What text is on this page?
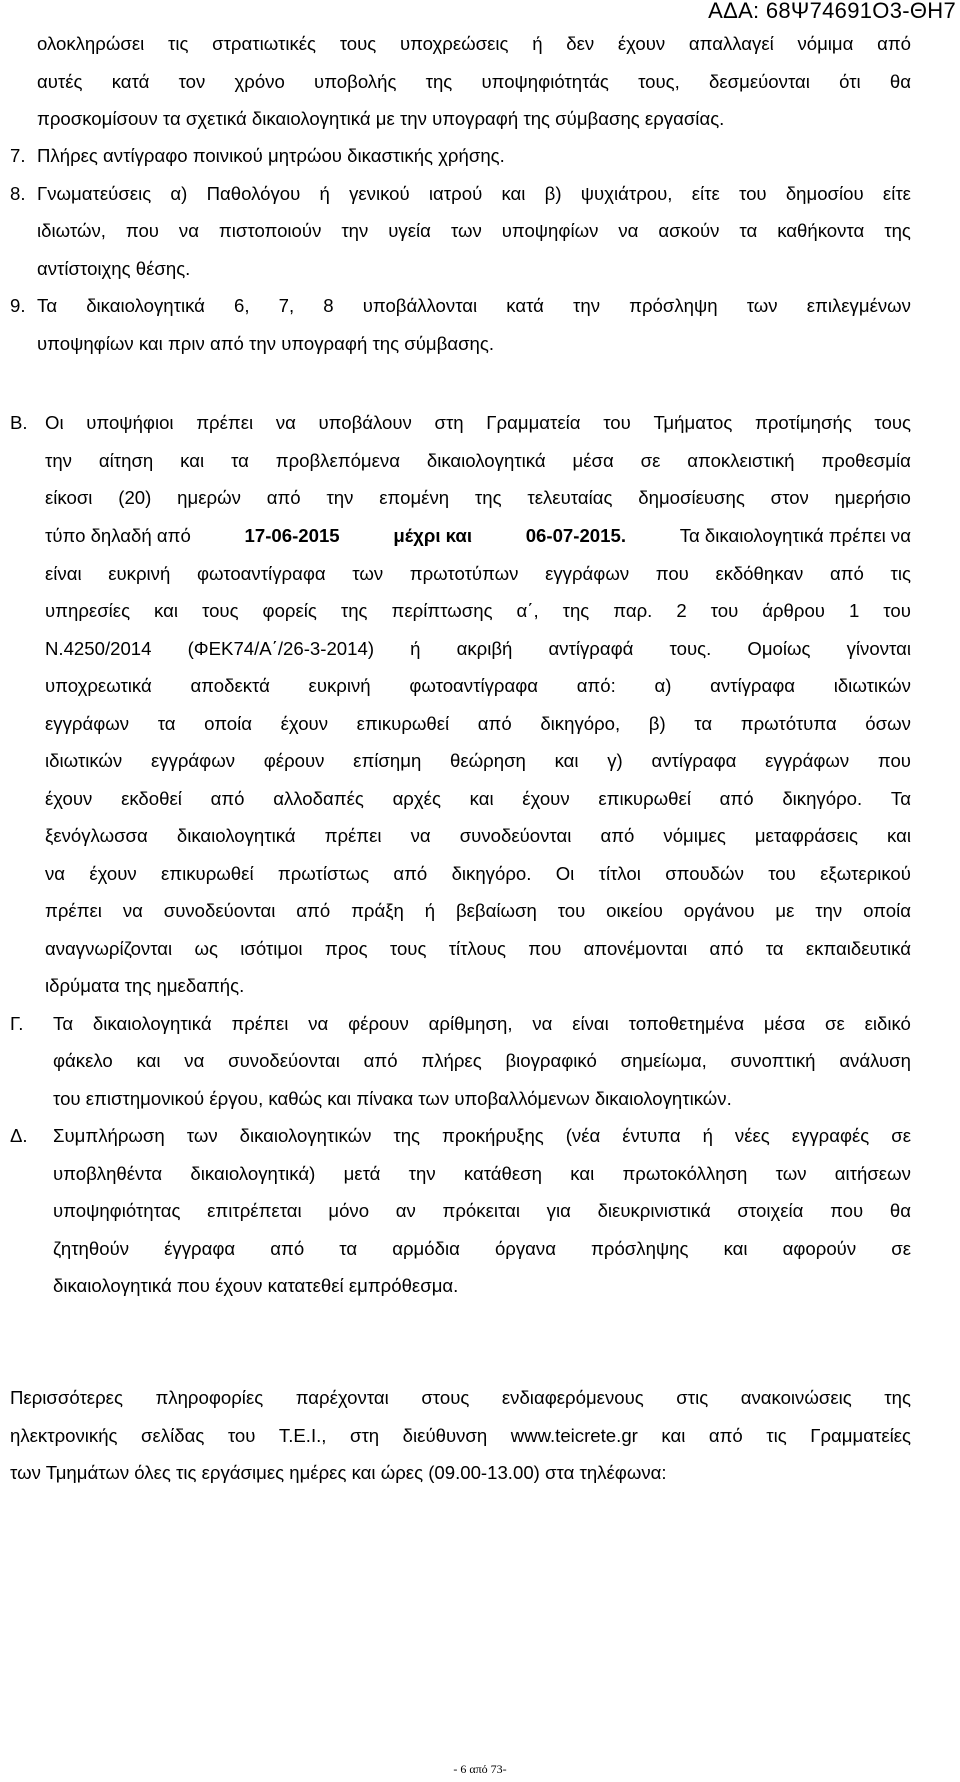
ΑΔΑ: 68Ψ74691Ο3-ΘΗ7
ολοκληρώσει τις στρατιωτικές τους υποχρεώσεις ή δεν έχουν απαλλαγεί νόμιμα από
αυτές κατά τον χρόνο υποβολής της υποψηφιότητάς τους, δεσμεύονται ότι θα
προσκομίσουν τα σχετικά δικαιολογητικά με την υπογραφή της σύμβασης εργασίας.
7. Πλήρες αντίγραφο ποινικού μητρώου δικαστικής χρήσης.
8. Γνωματεύσεις α) Παθολόγου ή γενικού ιατρού και β) ψυχιάτρου, είτε του δημοσίου είτε
ιδιωτών, που να πιστοποιούν την υγεία των υποψηφίων να ασκούν τα καθήκοντα της
αντίστοιχης θέσης.
9. Τα δικαιολογητικά 6, 7, 8 υποβάλλονται κατά την πρόσληψη των επιλεγμένων
υποψηφίων και πριν από την υπογραφή της σύμβασης.
Β. Οι υποψήφιοι πρέπει να υποβάλουν στη Γραμματεία του Τμήματος προτίμησής τους
την αίτηση και τα προβλεπόμενα δικαιολογητικά μέσα σε αποκλειστική προθεσμία
είκοσι (20) ημερών από την επομένη της τελευταίας δημοσίευσης στον ημερήσιο
τύπο δηλαδή από	17-06-2015	μέχρι και	06-07-2015.	Τα δικαιολογητικά πρέπει να
είναι ευκρινή φωτοαντίγραφα των πρωτοτύπων εγγράφων που εκδόθηκαν από τις
υπηρεσίες και τους φορείς της περίπτωσης α΄, της παρ. 2 του άρθρου 1 του
Ν.4250/2014 (ΦΕΚ74/Α΄/26-3-2014) ή ακριβή αντίγραφά τους. Ομοίως γίνονται
υποχρεωτικά αποδεκτά ευκρινή φωτοαντίγραφα από: α) αντίγραφα ιδιωτικών
εγγράφων τα οποία έχουν επικυρωθεί από δικηγόρο, β) τα πρωτότυπα όσων
ιδιωτικών εγγράφων φέρουν επίσημη θεώρηση και γ) αντίγραφα εγγράφων που
έχουν εκδοθεί από αλλοδαπές αρχές και έχουν επικυρωθεί από δικηγόρο. Τα
ξενόγλωσσα δικαιολογητικά πρέπει να συνοδεύονται από νόμιμες μεταφράσεις και
να έχουν επικυρωθεί πρωτίστως από δικηγόρο. Οι τίτλοι σπουδών του εξωτερικού
πρέπει να συνοδεύονται από πράξη ή βεβαίωση του οικείου οργάνου με την οποία
αναγνωρίζονται ως ισότιμοι προς τους τίτλους που απονέμονται από τα εκπαιδευτικά
ιδρύματα της ημεδαπής.
Γ. Τα δικαιολογητικά πρέπει να φέρουν αρίθμηση, να είναι τοποθετημένα μέσα σε ειδικό
φάκελο και να συνοδεύονται από πλήρες βιογραφικό σημείωμα, συνοπτική ανάλυση
του επιστημονικού έργου, καθώς και πίνακα των υποβαλλόμενων δικαιολογητικών.
Δ. Συμπλήρωση των δικαιολογητικών της προκήρυξης (νέα έντυπα ή νέες εγγραφές σε
υποβληθέντα δικαιολογητικά) μετά την κατάθεση και πρωτοκόλληση των αιτήσεων
υποψηφιότητας επιτρέπεται μόνο αν πρόκειται για διευκρινιστικά στοιχεία που θα
ζητηθούν έγγραφα από τα αρμόδια όργανα πρόσληψης και αφορούν σε
δικαιολογητικά που έχουν κατατεθεί εμπρόθεσμα.
Περισσότερες πληροφορίες παρέχονται στους ενδιαφερόμενους στις ανακοινώσεις της
ηλεκτρονικής σελίδας του Τ.Ε.Ι., στη διεύθυνση www.teicrete.gr και από τις Γραμματείες
των Τμημάτων όλες τις εργάσιμες ημέρες και ώρες (09.00-13.00) στα τηλέφωνα:
- 6 από 73-
